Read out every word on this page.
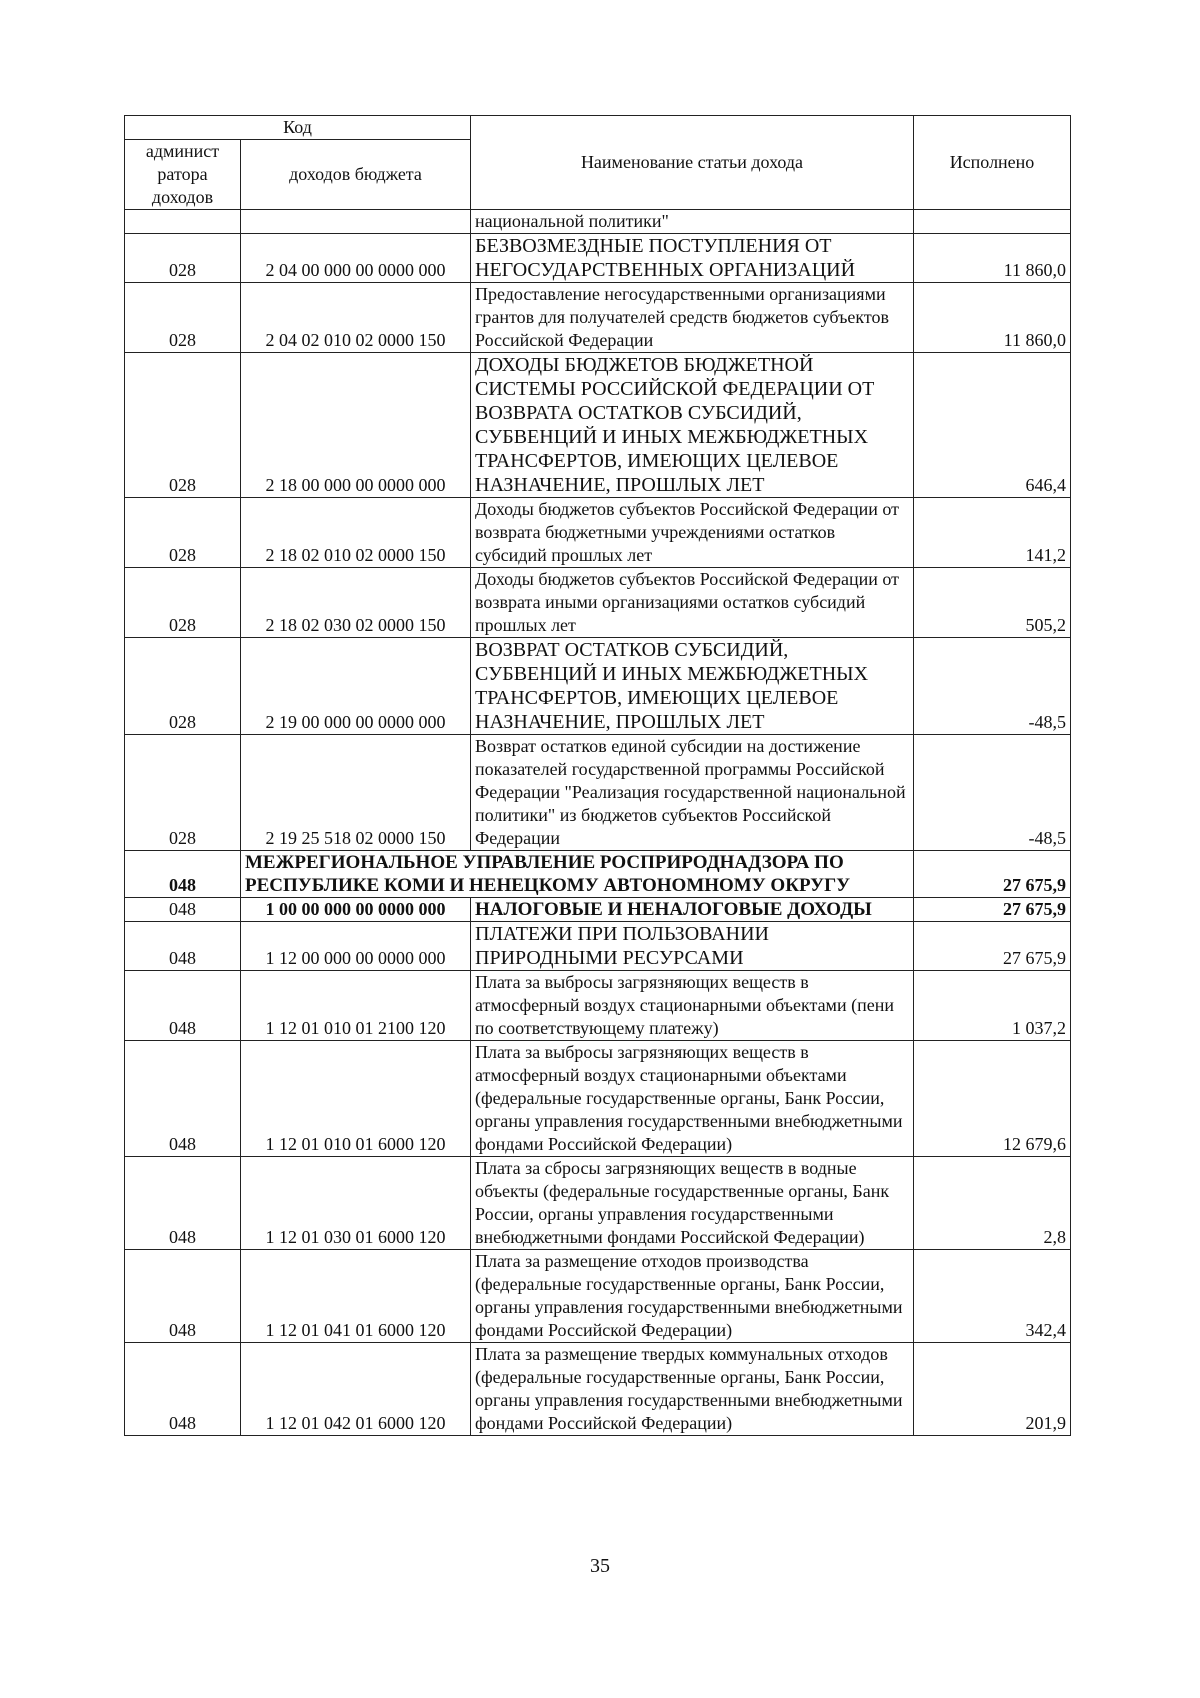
Код		Наименование статьи дохода	Исполнено
админист ратора доходов	доходов бюджета		
		национальной политики"	
028	2 04 00 000 00 0000 000	БЕЗВОЗМЕЗДНЫЕ ПОСТУПЛЕНИЯ ОТ НЕГОСУДАРСТВЕННЫХ ОРГАНИЗАЦИЙ	11 860,0
028	2 04 02 010 02 0000 150	Предоставление негосударственными организациями грантов для получателей средств бюджетов субъектов Российской Федерации	11 860,0
028	2 18 00 000 00 0000 000	ДОХОДЫ БЮДЖЕТОВ БЮДЖЕТНОЙ СИСТЕМЫ РОССИЙСКОЙ ФЕДЕРАЦИИ ОТ ВОЗВРАТА ОСТАТКОВ СУБСИДИЙ, СУБВЕНЦИЙ И ИНЫХ МЕЖБЮДЖЕТНЫХ ТРАНСФЕРТОВ, ИМЕЮЩИХ ЦЕЛЕВОЕ НАЗНАЧЕНИЕ, ПРОШЛЫХ ЛЕТ	646,4
028	2 18 02 010 02 0000 150	Доходы бюджетов субъектов Российской Федерации от возврата бюджетными учреждениями остатков субсидий прошлых лет	141,2
028	2 18 02 030 02 0000 150	Доходы бюджетов субъектов Российской Федерации от возврата иными организациями остатков субсидий прошлых лет	505,2
028	2 19 00 000 00 0000 000	ВОЗВРАТ ОСТАТКОВ СУБСИДИЙ, СУБВЕНЦИЙ И ИНЫХ МЕЖБЮДЖЕТНЫХ ТРАНСФЕРТОВ, ИМЕЮЩИХ ЦЕЛЕВОЕ НАЗНАЧЕНИЕ, ПРОШЛЫХ ЛЕТ	-48,5
028	2 19 25 518 02 0000 150	Возврат остатков единой субсидии на достижение показателей государственной программы Российской Федерации "Реализация государственной национальной политики" из бюджетов субъектов Российской Федерации	-48,5
048	МЕЖРЕГИОНАЛЬНОЕ УПРАВЛЕНИЕ РОСПРИРОДНАДЗОРА ПО РЕСПУБЛИКЕ КОМИ И НЕНЕЦКОМУ АВТОНОМНОМУ ОКРУГУ		27 675,9
048	1 00 00 000 00 0000 000	НАЛОГОВЫЕ И НЕНАЛОГОВЫЕ ДОХОДЫ	27 675,9
048	1 12 00 000 00 0000 000	ПЛАТЕЖИ ПРИ ПОЛЬЗОВАНИИ ПРИРОДНЫМИ РЕСУРСАМИ	27 675,9
048	1 12 01 010 01 2100 120	Плата за выбросы загрязняющих веществ в атмосферный воздух стационарными объектами (пени по соответствующему платежу)	1 037,2
048	1 12 01 010 01 6000 120	Плата за выбросы загрязняющих веществ в атмосферный воздух стационарными объектами (федеральные государственные органы, Банк России, органы управления государственными внебюджетными фондами Российской Федерации)	12 679,6
048	1 12 01 030 01 6000 120	Плата за сбросы загрязняющих веществ в водные объекты (федеральные государственные органы, Банк России, органы управления государственными внебюджетными фондами Российской Федерации)	2,8
048	1 12 01 041 01 6000 120	Плата за размещение отходов производства (федеральные государственные органы, Банк России, органы управления государственными внебюджетными фондами Российской Федерации)	342,4
048	1 12 01 042 01 6000 120	Плата за размещение твердых коммунальных отходов (федеральные государственные органы, Банк России, органы управления государственными внебюджетными фондами Российской Федерации)	201,9
35
